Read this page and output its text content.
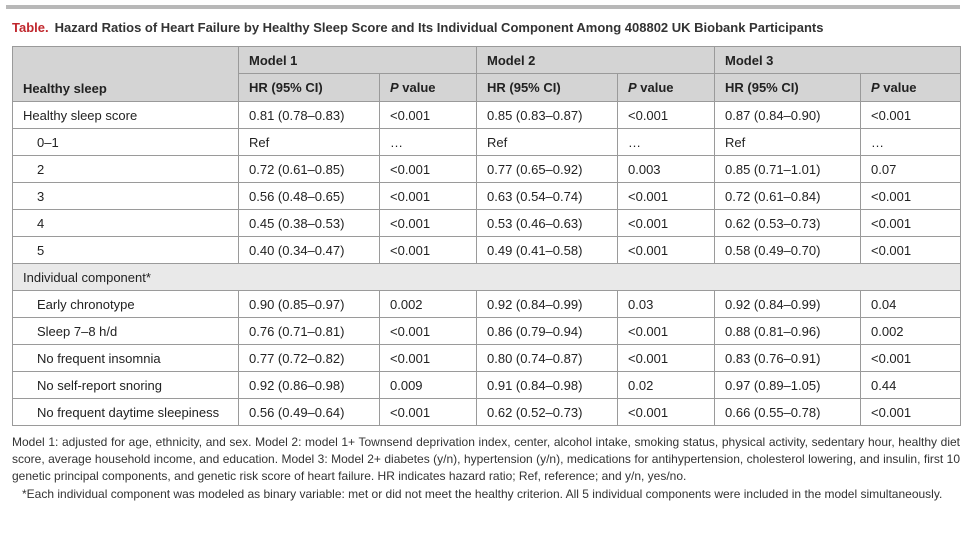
Table. Hazard Ratios of Heart Failure by Healthy Sleep Score and Its Individual Component Among 408802 UK Biobank Participants
Healthy sleep	Model 1		Model 2		Model 3	
	HR (95% CI)	P value	HR (95% CI)	P value	HR (95% CI)	P value
Healthy sleep score	0.81 (0.78–0.83)	<0.001	0.85 (0.83–0.87)	<0.001	0.87 (0.84–0.90)	<0.001
0–1	Ref	…	Ref	…	Ref	…
2	0.72 (0.61–0.85)	<0.001	0.77 (0.65–0.92)	0.003	0.85 (0.71–1.01)	0.07
3	0.56 (0.48–0.65)	<0.001	0.63 (0.54–0.74)	<0.001	0.72 (0.61–0.84)	<0.001
4	0.45 (0.38–0.53)	<0.001	0.53 (0.46–0.63)	<0.001	0.62 (0.53–0.73)	<0.001
5	0.40 (0.34–0.47)	<0.001	0.49 (0.41–0.58)	<0.001	0.58 (0.49–0.70)	<0.001
Individual component*						
Early chronotype	0.90 (0.85–0.97)	0.002	0.92 (0.84–0.99)	0.03	0.92 (0.84–0.99)	0.04
Sleep 7–8 h/d	0.76 (0.71–0.81)	<0.001	0.86 (0.79–0.94)	<0.001	0.88 (0.81–0.96)	0.002
No frequent insomnia	0.77 (0.72–0.82)	<0.001	0.80 (0.74–0.87)	<0.001	0.83 (0.76–0.91)	<0.001
No self-report snoring	0.92 (0.86–0.98)	0.009	0.91 (0.84–0.98)	0.02	0.97 (0.89–1.05)	0.44
No frequent daytime sleepiness	0.56 (0.49–0.64)	<0.001	0.62 (0.52–0.73)	<0.001	0.66 (0.55–0.78)	<0.001

Model 1: adjusted for age, ethnicity, and sex. Model 2: model 1+ Townsend deprivation index, center, alcohol intake, smoking status, physical activity, sedentary hour, healthy diet score, average household income, and education. Model 3: Model 2+ diabetes (y/n), hypertension (y/n), medications for antihypertension, cholesterol lowering, and insulin, first 10 genetic principal components, and genetic risk score of heart failure. HR indicates hazard ratio; Ref, reference; and y/n, yes/no.

*Each individual component was modeled as binary variable: met or did not meet the healthy criterion. All 5 individual components were included in the model simultaneously.
